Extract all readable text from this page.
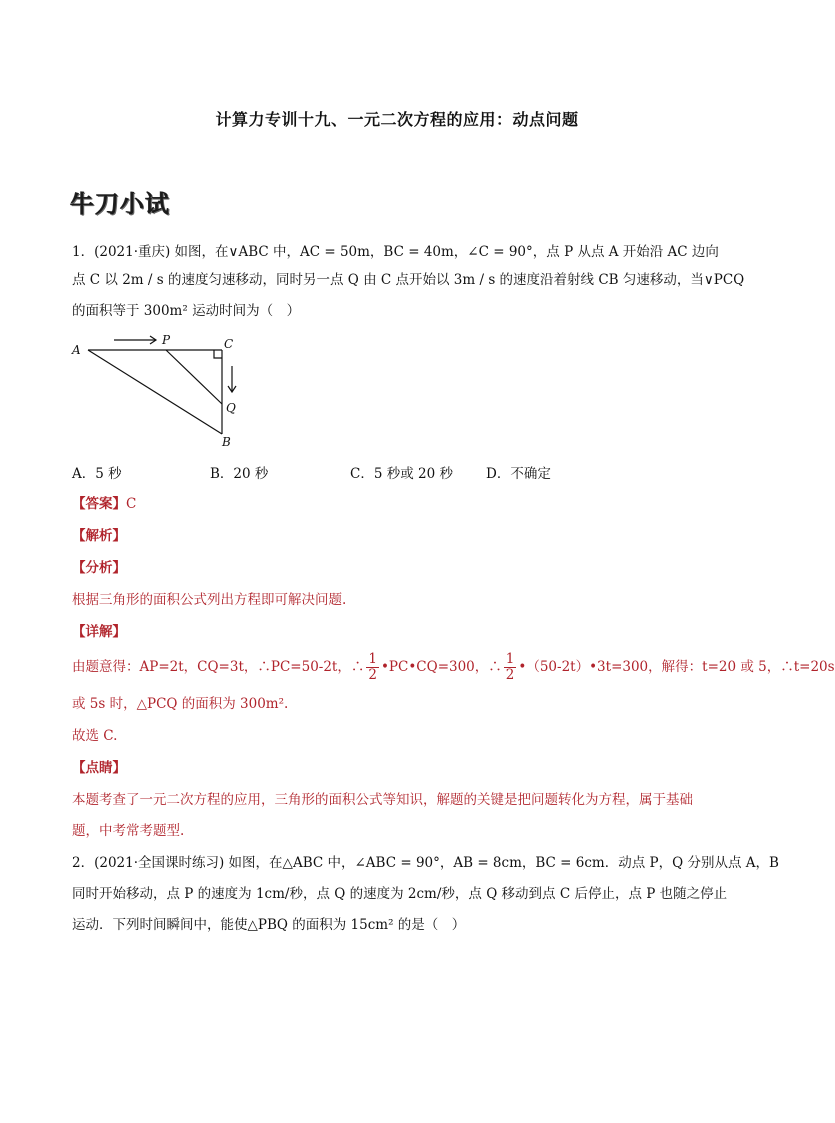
计算力专训十九、一元二次方程的应用：动点问题
牛刀小试
1．(2021·重庆) 如图，在∨ABC 中，AC = 50m，BC = 40m，∠C = 90°，点 P 从点 A 开始沿 AC 边向
点 C 以 2m / s 的速度匀速移动，同时另一点 Q 由 C 点开始以 3m / s 的速度沿着射线 CB 匀速移动，当∨PCQ
的面积等于 300m² 运动时间为（　）
A
P	C
Q
B
A．5 秒	B．20 秒	C．5 秒或 20 秒 D．不确定
【答案】C
【解析】
【分析】
根据三角形的面积公式列出方程即可解决问题.
【详解】
由题意得：AP=2t，CQ=3t，∴PC=50-2t，∴ $\frac{1}{2}$ •PC•CQ=300，∴ $\frac{1}{2}$ •（50-2t）•3t=300，解得：t=20 或 5，∴t=20s
或 5s 时，△PCQ 的面积为 300m².
故选 C.
【点睛】
本题考查了一元二次方程的应用，三角形的面积公式等知识，解题的关键是把问题转化为方程，属于基础
题，中考常考题型.
2．(2021·全国课时练习) 如图，在△ABC 中，∠ABC = 90°，AB = 8cm，BC = 6cm．动点 P，Q 分别从点 A，B
同时开始移动，点 P 的速度为 1cm/秒，点 Q 的速度为 2cm/秒，点 Q 移动到点 C 后停止，点 P 也随之停止
运动．下列时间瞬间中，能使△PBQ 的面积为 15cm² 的是（　）
